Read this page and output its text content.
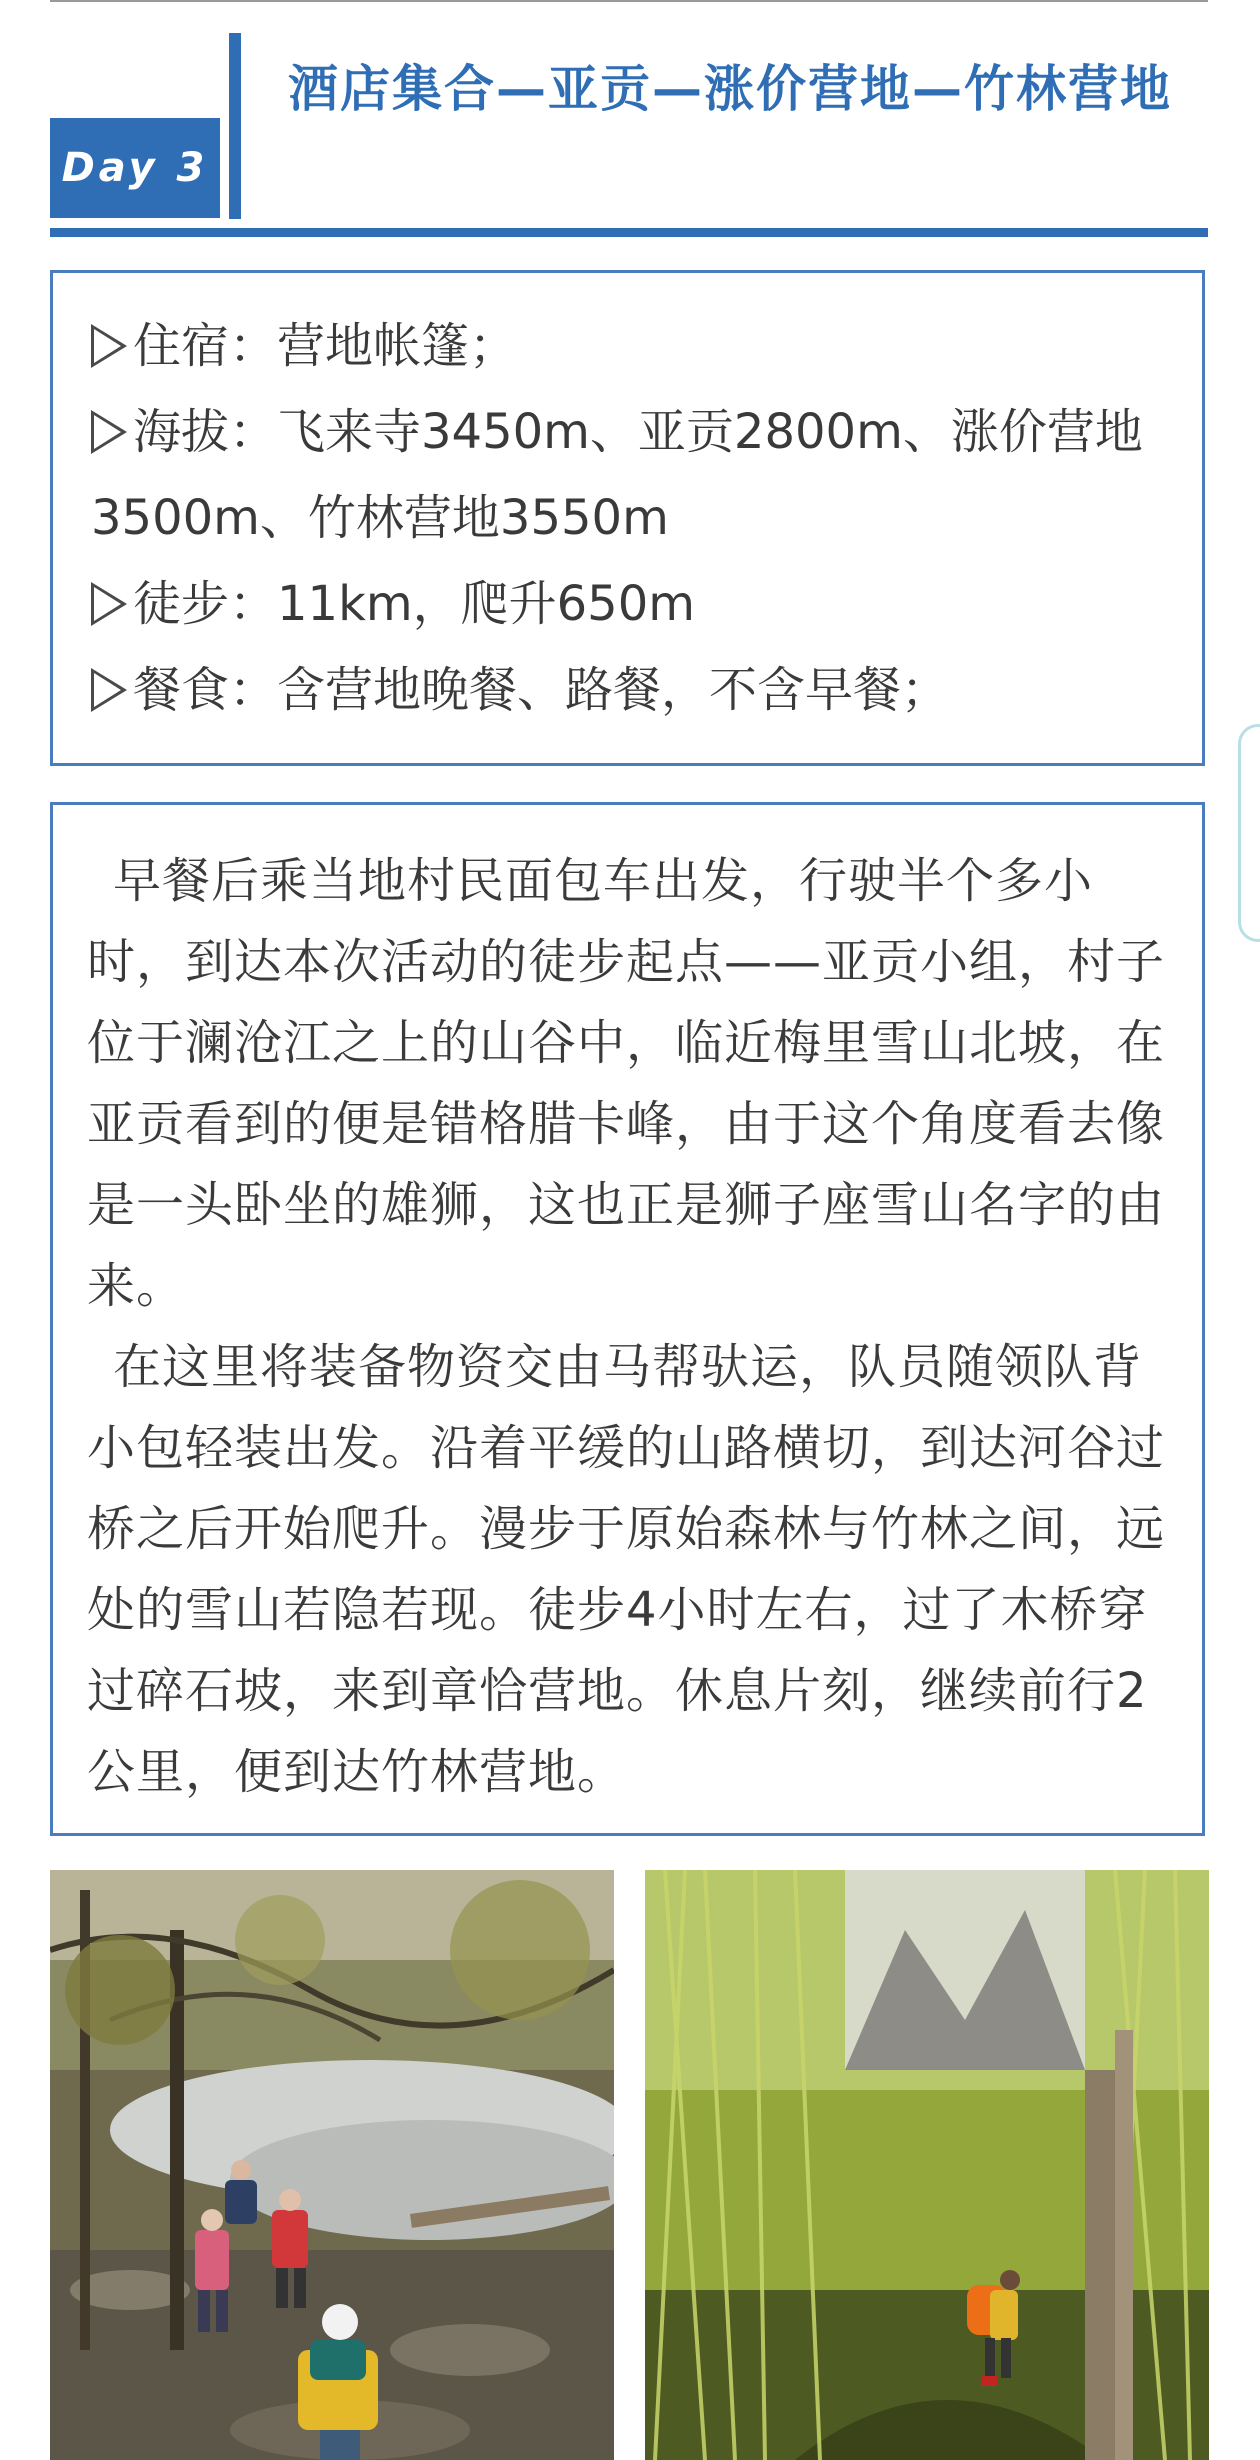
Day 3
酒店集合—亚贡—涨价营地—竹林营地
住宿：营地帐篷；
海拔：飞来寺3450m、亚贡2800m、涨价营地3500m、竹林营地3550m
徒步：11km，爬升650m
餐食：含营地晚餐、路餐，不含早餐；

早餐后乘当地村民面包车出发，行驶半个多小时，到达本次活动的徒步起点——亚贡小组，村子位于澜沧江之上的山谷中，临近梅里雪山北坡，在亚贡看到的便是错格腊卡峰，由于这个角度看去像是一头卧坐的雄狮，这也正是狮子座雪山名字的由来。

在这里将装备物资交由马帮驮运，队员随领队背小包轻装出发。沿着平缓的山路横切，到达河谷过桥之后开始爬升。漫步于原始森林与竹林之间，远处的雪山若隐若现。徒步4小时左右，过了木桥穿过碎石坡，来到章恰营地。休息片刻，继续前行2公里，便到达竹林营地。
